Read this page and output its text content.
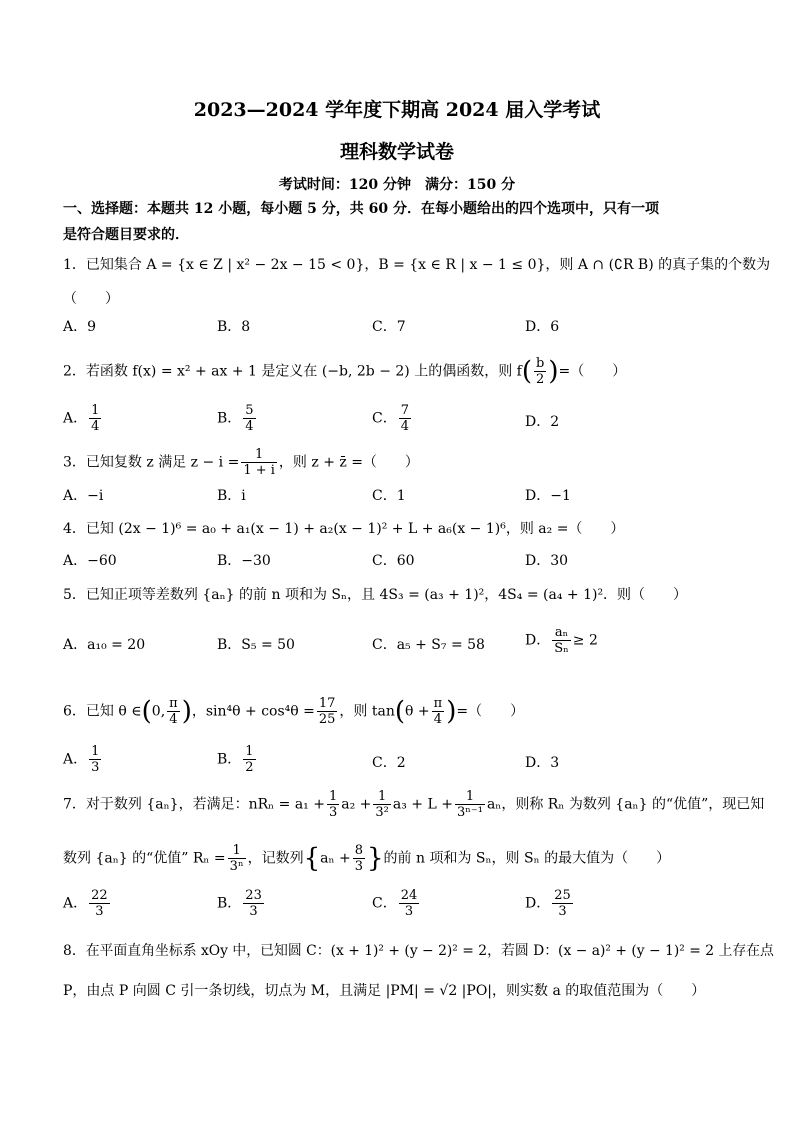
2023—2024 学年度下期高 2024 届入学考试
理科数学试卷
考试时间：120 分钟　满分：150 分
一、选择题：本题共 12 小题，每小题 5 分，共 60 分．在每小题给出的四个选项中，只有一项
是符合题目要求的．
1．已知集合 A = {x ∈ Z | x² − 2x − 15 < 0}，B = {x ∈ R | x − 1 ≤ 0}，则 A ∩ (∁R B) 的真子集的个数为
（　　）
A．9	B．8	C．7	D．6
2．若函数 f(x) = x² + ax + 1 是定义在 (−b, 2b − 2) 上的偶函数，则 $f( \frac{b}{2}$ )=（　　）
A． $\frac{1}{4}$	B． $\frac{5}{4}$	C． $\frac{7}{4}$	D．2
3．已知复数 z 满足 $z - i = \frac{1}{1 + i}$ ，则 z + z̄ =（　　）
A．−i	B．i	C．1	D．−1
4．已知 (2x − 1)⁶ = a₀ + a₁(x − 1) + a₂(x − 1)² + L + a₆(x − 1)⁶，则 a₂ =（　　）
A．−60	B．−30	C．60	D．30
5．已知正项等差数列 {aₙ} 的前 n 项和为 Sₙ，且 4S₃ = (a₃ + 1)²，4S₄ = (a₄ + 1)²．则（　　）
A．a₁₀ = 20	B．S₅ = 50	C．a₅ + S₇ = 58	D． $\frac{\text{aₙ}}{\text{Sₙ}} \ge 2$
6．已知 θ ∈(0, $\frac{\pi}{4}$ )，$\sin^4\theta + \cos^4\theta = \frac{17}{25}$ ，则 $\tan(\theta + \frac{\pi}{4}$ )=（　　）
A． $\frac{1}{3}$	B． $\frac{1}{2}$	C．2	D．3
7．对于数列 {aₙ}，若满足：$nR_n = a_1 + \frac{1}{3} a_2 + \frac{1}{\text{3²}} a_3 + L + \frac{1}{\text{3ⁿ⁻¹}}$ aₙ，则称 Rₙ 为数列 {aₙ} 的“优值”，现已知
数列 {aₙ} 的“优值” $R_n = \frac{1}{\text{3ⁿ}}$ ，记数列{$a_n + \frac{8}{3}$ }的前 n 项和为 Sₙ，则 Sₙ 的最大值为（　　）
A． $\frac{22}{3}$	B． $\frac{23}{3}$	C． $\frac{24}{3}$	D． $\frac{25}{3}$
8．在平面直角坐标系 xOy 中，已知圆 C：(x + 1)² + (y − 2)² = 2，若圆 D：(x − a)² + (y − 1)² = 2 上存在点
P，由点 P 向圆 C 引一条切线，切点为 M，且满足 |PM| = √2 |PO|，则实数 a 的取值范围为（　　）
